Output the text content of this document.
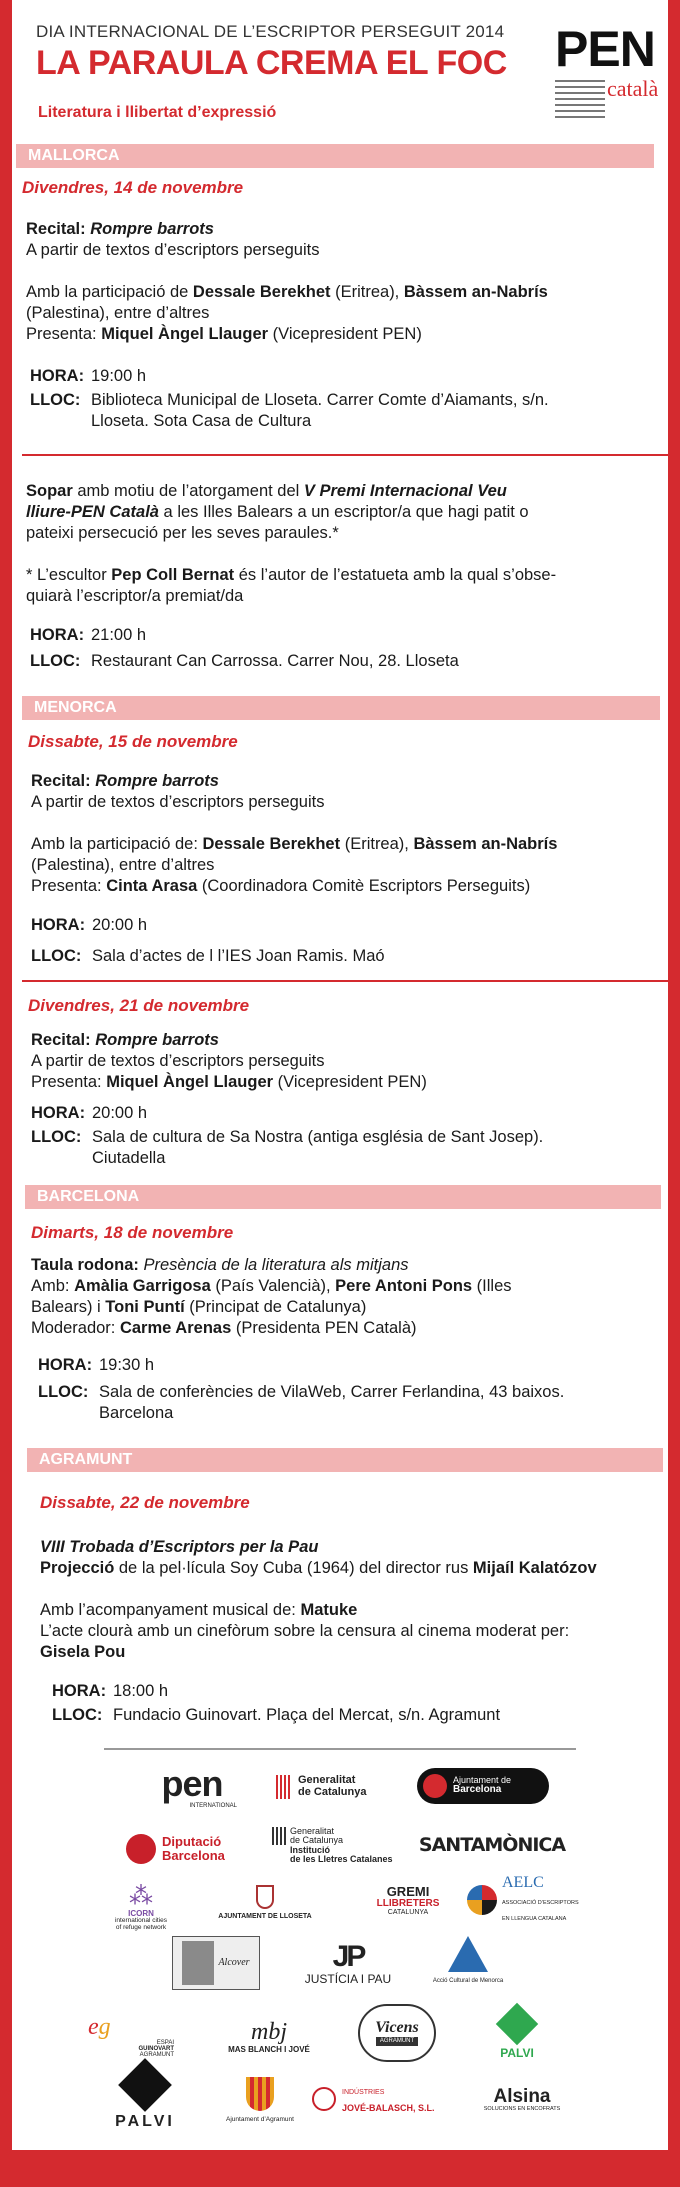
DIA INTERNACIONAL DE L’ESCRIPTOR PERSEGUIT 2014
LA PARAULA CREMA EL FOC
Literatura i llibertat d’expressió
PEN
català
MALLORCA
Divendres, 14 de novembre

Recital: Rompre barrots

A partir de textos d’escriptors perseguits

Amb la participació de Dessale Berekhet (Eritrea), Bàssem an-Nabrís

(Palestina), entre d’altres

Presenta: Miquel Àngel Llauger (Vicepresident PEN)

HORA: 19:00 h
LLOC: Biblioteca Municipal de Lloseta. Carrer Comte d’Aiamants, s/n.
Lloseta. Sota Casa de Cultura

Sopar amb motiu de l’atorgament del V Premi Internacional Veu

lliure-PEN Català a les Illes Balears a un escriptor/a que hagi patit o

pateixi persecució per les seves paraules.*

* L’escultor Pep Coll Bernat és l’autor de l’estatueta amb la qual s’obse-

quiarà l’escriptor/a premiat/da

HORA: 21:00 h
LLOC: Restaurant Can Carrossa. Carrer Nou, 28. Lloseta
MENORCA
Dissabte, 15 de novembre

Recital: Rompre barrots

A partir de textos d’escriptors perseguits

Amb la participació de: Dessale Berekhet (Eritrea), Bàssem an-Nabrís

(Palestina), entre d’altres

Presenta: Cinta Arasa (Coordinadora Comitè Escriptors Perseguits)

HORA: 20:00 h
LLOC: Sala d’actes de l l’IES Joan Ramis. Maó
Divendres, 21 de novembre

Recital: Rompre barrots

A partir de textos d’escriptors perseguits

Presenta: Miquel Àngel Llauger (Vicepresident PEN)

HORA: 20:00 h
LLOC: Sala de cultura de Sa Nostra (antiga església de Sant Josep).
Ciutadella
BARCELONA
Dimarts, 18 de novembre

Taula rodona: Presència de la literatura als mitjans

Amb: Amàlia Garrigosa (País Valencià), Pere Antoni Pons (Illes

Balears) i Toni Puntí (Principat de Catalunya)

Moderador: Carme Arenas (Presidenta PEN Català)

HORA: 19:30 h
LLOC: Sala de conferències de VilaWeb, Carrer Ferlandina, 43 baixos.
Barcelona
AGRAMUNT
Dissabte, 22 de novembre

VIII Trobada d’Escriptors per la Pau

Projecció de la pel·lícula Soy Cuba (1964) del director rus Mijaíl Kalatózov

Amb l’acompanyament musical de: Matuke

L’acte clourà amb un cinefòrum sobre la censura al cinema moderat per:

Gisela Pou

HORA: 18:00 h
LLOC: Fundacio Guinovart. Plaça del Mercat, s/n. Agramunt
pen
INTERNATIONAL
Generalitat
de Catalunya
Ajuntament de
Barcelona
Diputació
Barcelona
Generalitat
de Catalunya
Institució
de les Lletres Catalanes
SANTAMÒNICA
⁂
ICORN
international cities
of refuge network
AJUNTAMENT DE LLOSETA
GREMI
LLIBRETERS
CATALUNYA
AELC
ASSOCIACIÓ D’ESCRIPTORS
EN LLENGUA CATALANA
Alcover	JP
JUSTÍCIA I PAU	Acció Cultural de Menorca
eg
ESPAI
GUINOVART
AGRAMUNT
mbj
MAS BLANCH I JOVÉ
Vicens
AGRAMUNT
PALVI
PALVI	Ajuntament d’Agramunt
INDÚSTRIES
JOVÉ-BALASCH, S.L.
Alsina
SOLUCIONS EN ENCOFRATS
